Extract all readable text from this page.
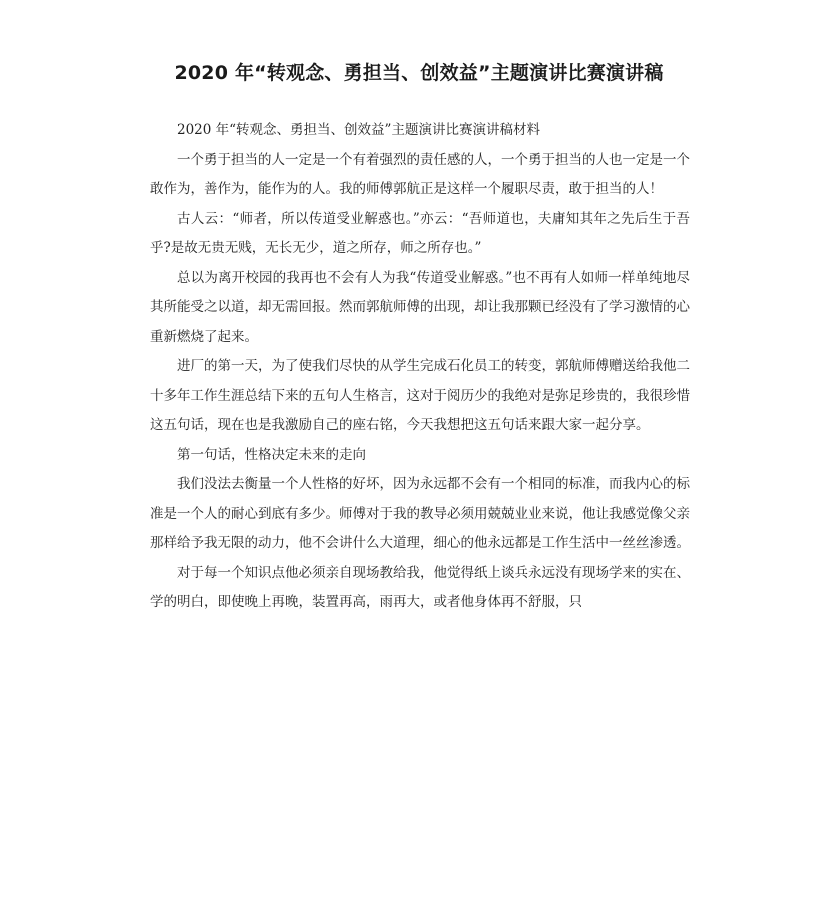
2020 年“转观念、勇担当、创效益”主题演讲比赛演讲稿

2020 年“转观念、勇担当、创效益”主题演讲比赛演讲稿材料

一个勇于担当的人一定是一个有着强烈的责任感的人，一个勇于担当的人也一定是一个敢作为，善作为，能作为的人。我的师傅郭航正是这样一个履职尽责，敢于担当的人！

古人云：“师者，所以传道受业解惑也。”亦云：“吾师道也，夫庸知其年之先后生于吾乎?是故无贵无贱，无长无少，道之所存，师之所存也。”

总以为离开校园的我再也不会有人为我“传道受业解惑。”也不再有人如师一样单纯地尽其所能受之以道，却无需回报。然而郭航师傅的出现，却让我那颗已经没有了学习激情的心重新燃烧了起来。

进厂的第一天，为了使我们尽快的从学生完成石化员工的转变，郭航师傅赠送给我他二十多年工作生涯总结下来的五句人生格言，这对于阅历少的我绝对是弥足珍贵的，我很珍惜这五句话，现在也是我激励自己的座右铭，今天我想把这五句话来跟大家一起分享。

第一句话，性格决定未来的走向

我们没法去衡量一个人性格的好坏，因为永远都不会有一个相同的标准，而我内心的标准是一个人的耐心到底有多少。师傅对于我的教导必须用兢兢业业来说，他让我感觉像父亲那样给予我无限的动力，他不会讲什么大道理，细心的他永远都是工作生活中一丝丝渗透。

对于每一个知识点他必须亲自现场教给我，他觉得纸上谈兵永远没有现场学来的实在、学的明白，即使晚上再晚，装置再高，雨再大，或者他身体再不舒服，只
